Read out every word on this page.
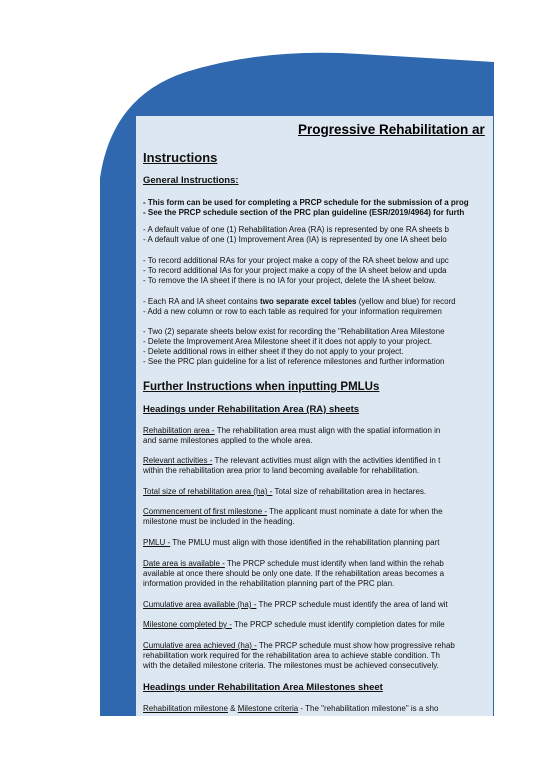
Progressive Rehabilitation ar
Instructions
General Instructions:
- This form can be used for completing a PRCP schedule for the submission of a prog
- See the PRCP schedule section of the PRC plan guideline (ESR/2019/4964) for furth
- A default value of one (1) Rehabilitation Area (RA) is represented by one RA sheets b
- A default value of one (1) Improvement Area (IA) is represented by one IA sheet belo
- To record additional RAs for your project make a copy of the RA sheet below and upc
- To record additional IAs for your project make a copy of the IA sheet below and upda
- To remove the IA sheet if there is no IA for your project, delete the IA sheet below.
- Each RA and IA sheet contains two separate excel tables (yellow and blue) for record
- Add a new column or row to each table as required for your information requiremen
- Two (2) separate sheets below exist for recording the "Rehabilitation Area Milestone
- Delete the Improvement Area Milestone sheet if it does not apply to your project.
- Delete additional rows in either sheet if they do not apply to your project.
- See the PRC plan guideline for a list of reference milestones and further information
Further Instructions when inputting PMLUs
Headings under Rehabilitation Area (RA) sheets
Rehabilitation area - The rehabilitation area must align with the spatial information in
and same milestones applied to the whole area.
Relevant activities - The relevant activities must align with the activities identified in t
within the rehabilitation area prior to land becoming available for rehabilitation.
Total size of rehabilitation area (ha) - Total size of rehabilitation area in hectares.
Commencement of first milestone - The applicant must nominate a date for when the
milestone must be included in the heading.
PMLU - The PMLU must align with those identified in the rehabilitation planning part
Date area is available - The PRCP schedule must identify when land within the rehab
available at once there should be only one date. If the rehabilitation areas becomes a
information provided in the rehabilitation planning part of the PRC plan.
Cumulative area available (ha) - The PRCP schedule must identify the area of land wit
Milestone completed by - The PRCP schedule must identify completion dates for mile
Cumulative area achieved (ha) - The PRCP schedule must show how progressive rehab
rehabilitation work required for the rehabilitation area to achieve stable condition. Th
with the detailed milestone criteria. The milestones must be achieved consecutively.
Headings under Rehabilitation Area Milestones sheet
Rehabilitation milestone & Milestone criteria - The "rehabilitation milestone" is a sho
